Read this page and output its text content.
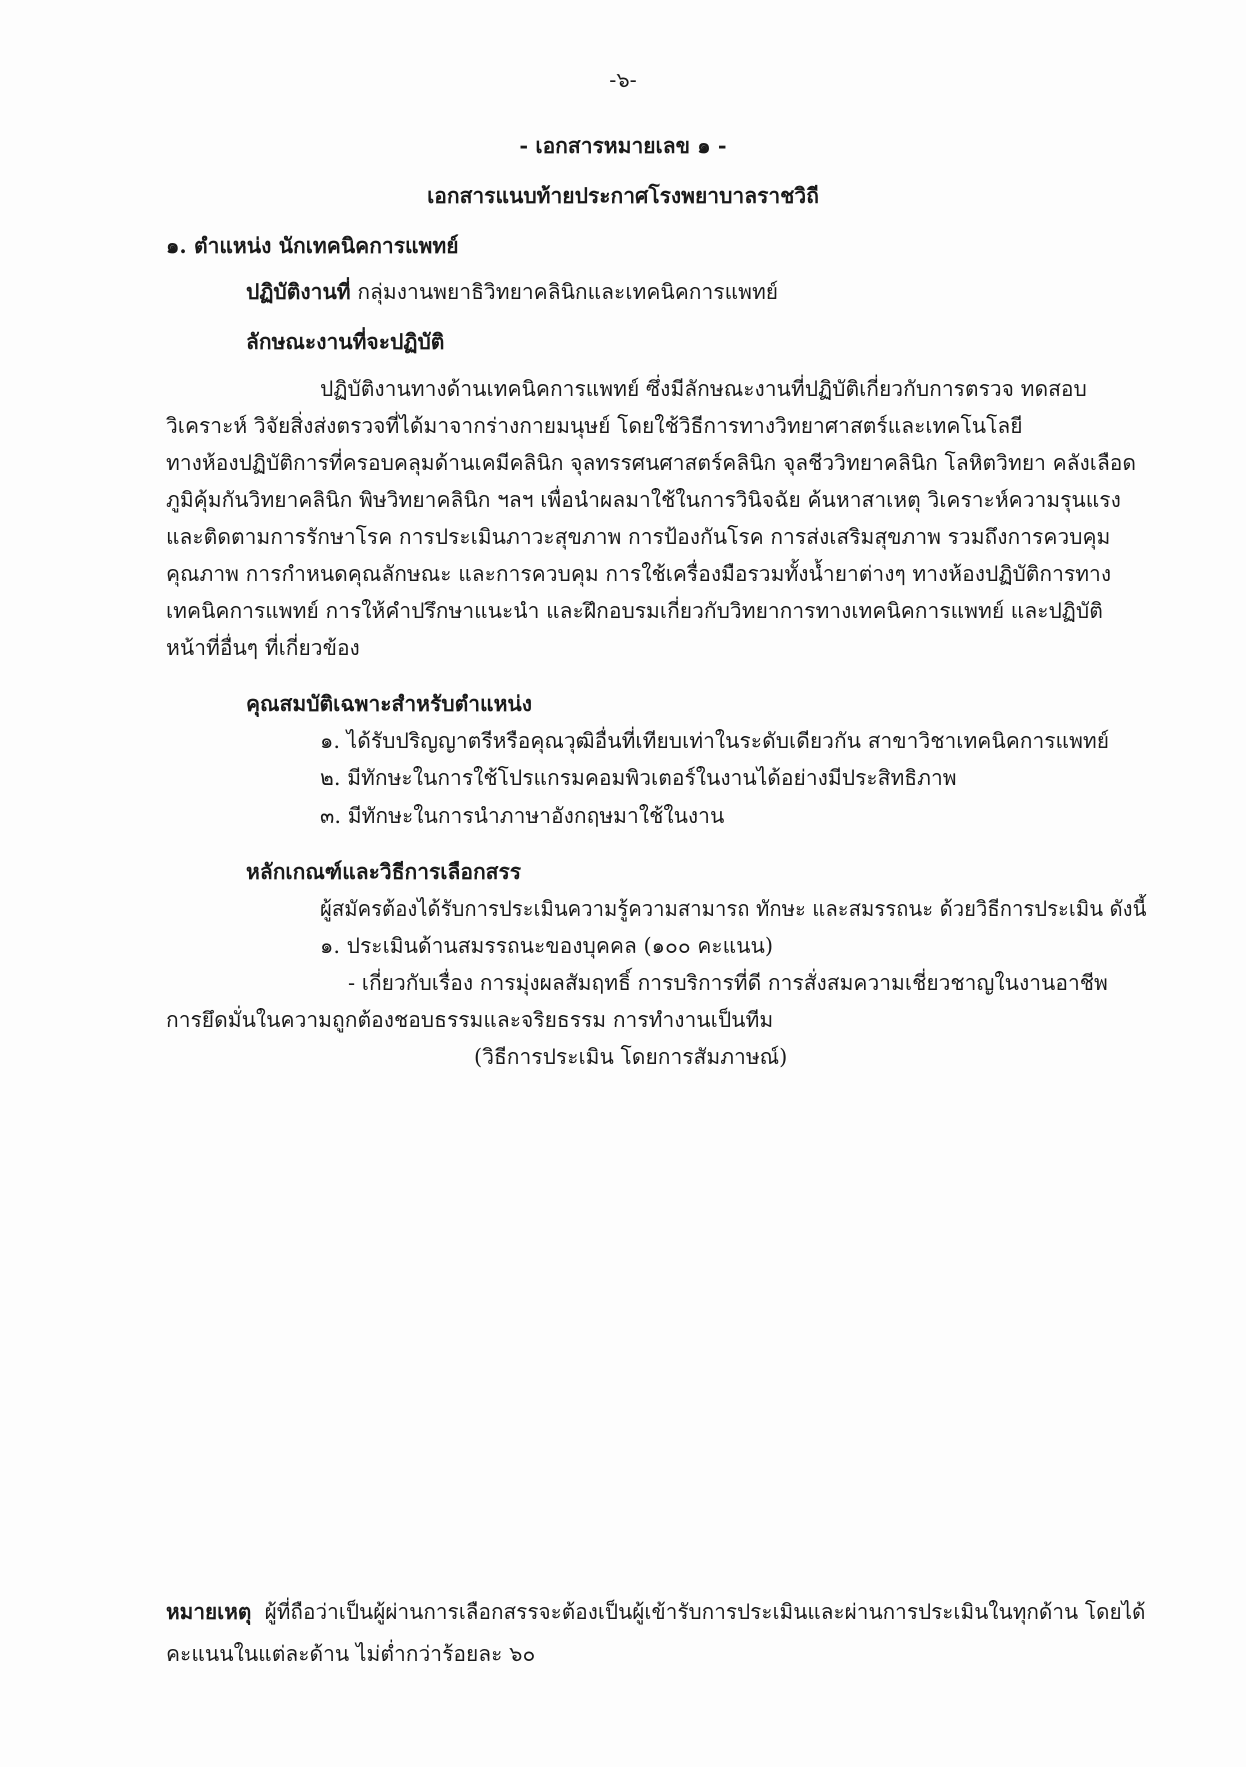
-๖-
- เอกสารหมายเลข ๑ -
เอกสารแนบท้ายประกาศโรงพยาบาลราชวิถี
๑. ตำแหน่ง นักเทคนิคการแพทย์
ปฏิบัติงานที่ กลุ่มงานพยาธิวิทยาคลินิกและเทคนิคการแพทย์
ลักษณะงานที่จะปฏิบัติ
ปฏิบัติงานทางด้านเทคนิคการแพทย์ ซึ่งมีลักษณะงานที่ปฏิบัติเกี่ยวกับการตรวจ ทดสอบ
วิเคราะห์ วิจัยสิ่งส่งตรวจที่ได้มาจากร่างกายมนุษย์ โดยใช้วิธีการทางวิทยาศาสตร์และเทคโนโลยี
ทางห้องปฏิบัติการที่ครอบคลุมด้านเคมีคลินิก จุลทรรศนศาสตร์คลินิก จุลชีววิทยาคลินิก โลหิตวิทยา คลังเลือด
ภูมิคุ้มกันวิทยาคลินิก พิษวิทยาคลินิก ฯลฯ เพื่อนำผลมาใช้ในการวินิจฉัย ค้นหาสาเหตุ วิเคราะห์ความรุนแรง
และติดตามการรักษาโรค การประเมินภาวะสุขภาพ การป้องกันโรค การส่งเสริมสุขภาพ รวมถึงการควบคุม
คุณภาพ การกำหนดคุณลักษณะ และการควบคุม การใช้เครื่องมือรวมทั้งน้ำยาต่างๆ ทางห้องปฏิบัติการทาง
เทคนิคการแพทย์ การให้คำปรึกษาแนะนำ และฝึกอบรมเกี่ยวกับวิทยาการทางเทคนิคการแพทย์ และปฏิบัติ
หน้าที่อื่นๆ ที่เกี่ยวข้อง
คุณสมบัติเฉพาะสำหรับตำแหน่ง
๑. ได้รับปริญญาตรีหรือคุณวุฒิอื่นที่เทียบเท่าในระดับเดียวกัน สาขาวิชาเทคนิคการแพทย์
๒. มีทักษะในการใช้โปรแกรมคอมพิวเตอร์ในงานได้อย่างมีประสิทธิภาพ
๓. มีทักษะในการนำภาษาอังกฤษมาใช้ในงาน
หลักเกณฑ์และวิธีการเลือกสรร
ผู้สมัครต้องได้รับการประเมินความรู้ความสามารถ ทักษะ และสมรรถนะ ด้วยวิธีการประเมิน ดังนี้
๑. ประเมินด้านสมรรถนะของบุคคล (๑๐๐ คะแนน)
- เกี่ยวกับเรื่อง การมุ่งผลสัมฤทธิ์ การบริการที่ดี การสั่งสมความเชี่ยวชาญในงานอาชีพ
การยึดมั่นในความถูกต้องชอบธรรมและจริยธรรม การทำงานเป็นทีม
(วิธีการประเมิน โดยการสัมภาษณ์)
หมายเหตุ ผู้ที่ถือว่าเป็นผู้ผ่านการเลือกสรรจะต้องเป็นผู้เข้ารับการประเมินและผ่านการประเมินในทุกด้าน โดยได้
คะแนนในแต่ละด้าน ไม่ต่ำกว่าร้อยละ ๖๐
